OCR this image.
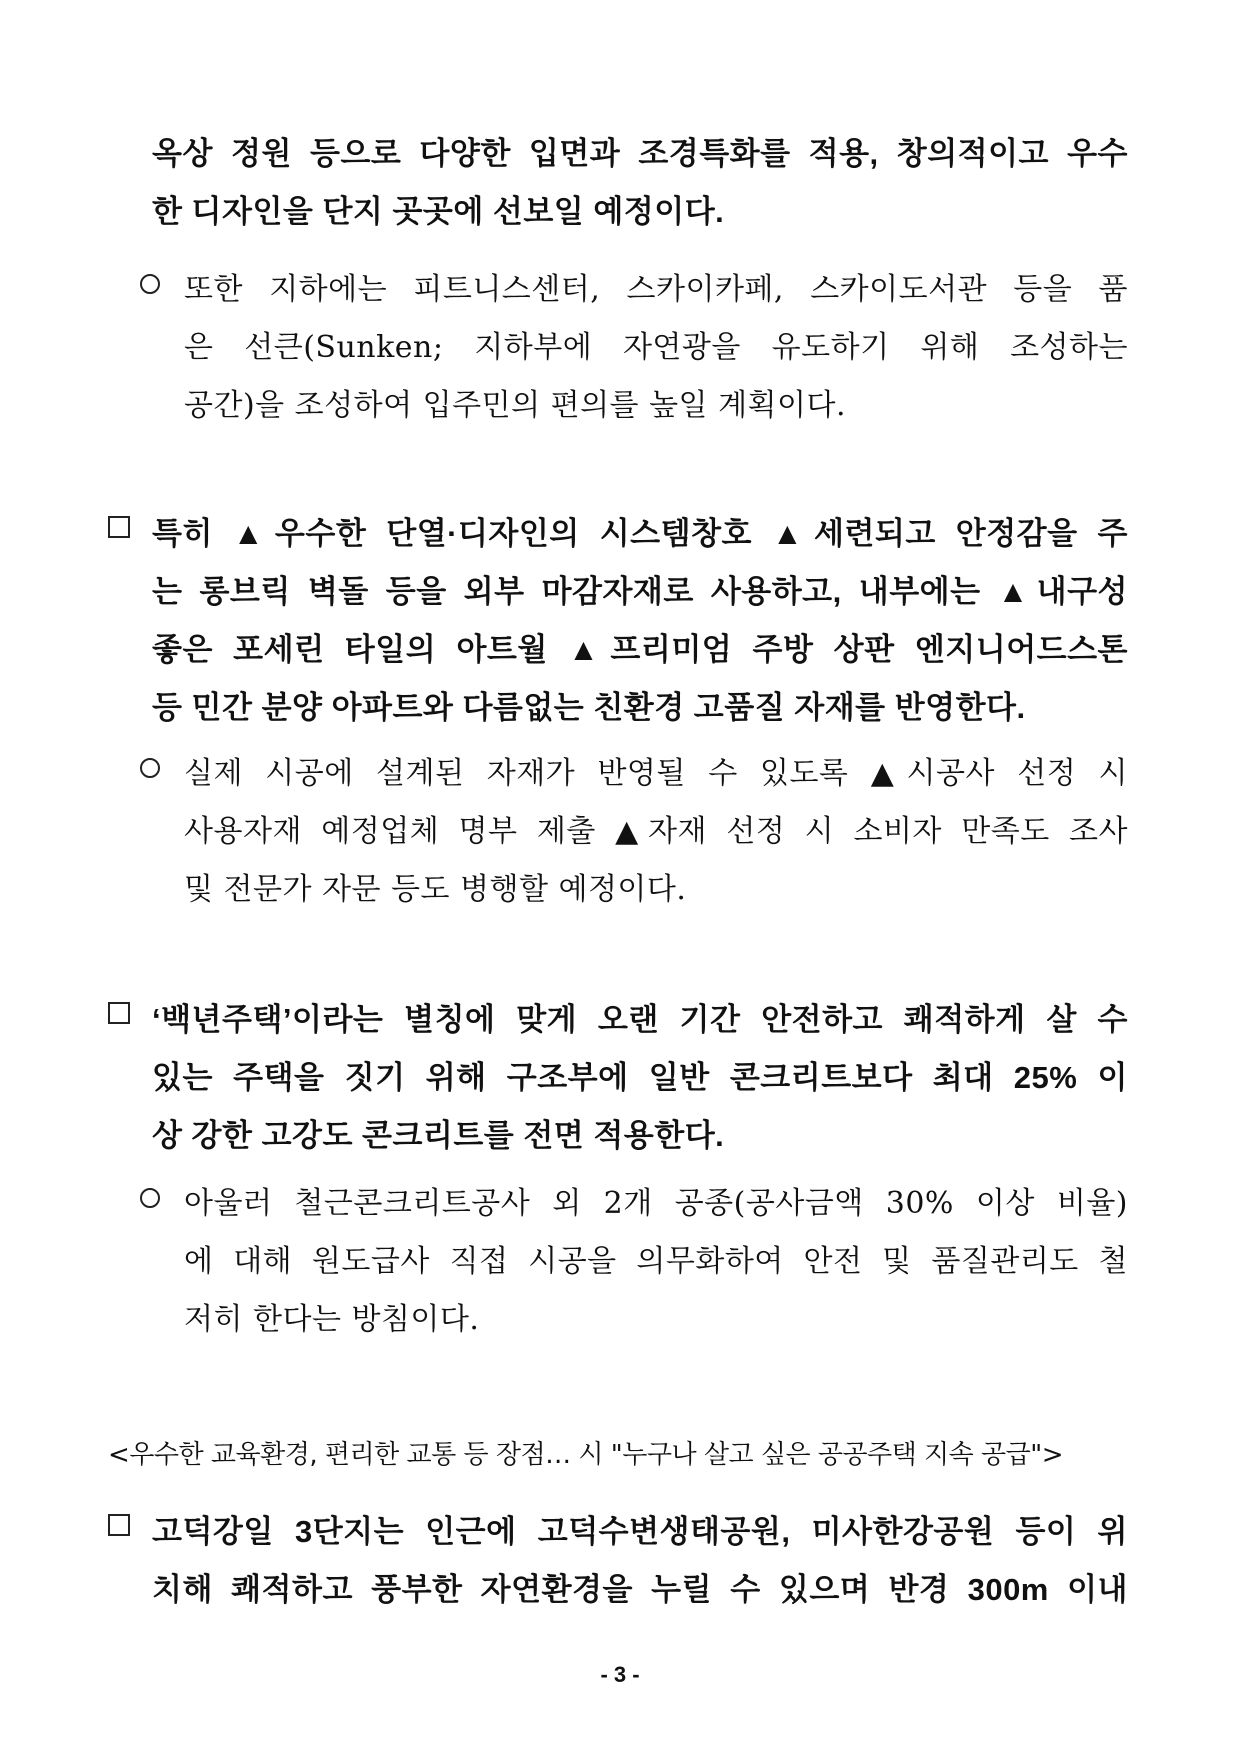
옥상 정원 등으로 다양한 입면과 조경특화를 적용, 창의적이고 우수
한 디자인을 단지 곳곳에 선보일 예정이다.
또한 지하에는 피트니스센터, 스카이카페, 스카이도서관 등을 품
은 선큰(Sunken; 지하부에 자연광을 유도하기 위해 조성하는
공간)을 조성하여 입주민의 편의를 높일 계획이다.
특히 ▲우수한 단열·디자인의 시스템창호 ▲세련되고 안정감을 주
는 롱브릭 벽돌 등을 외부 마감자재로 사용하고, 내부에는 ▲내구성
좋은 포세린 타일의 아트월 ▲프리미엄 주방 상판 엔지니어드스톤
등 민간 분양 아파트와 다름없는 친환경 고품질 자재를 반영한다.
실제 시공에 설계된 자재가 반영될 수 있도록 ▲시공사 선정 시
사용자재 예정업체 명부 제출 ▲자재 선정 시 소비자 만족도 조사
및 전문가 자문 등도 병행할 예정이다.
‘백년주택’이라는 별칭에 맞게 오랜 기간 안전하고 쾌적하게 살 수
있는 주택을 짓기 위해 구조부에 일반 콘크리트보다 최대 25% 이
상 강한 고강도 콘크리트를 전면 적용한다.
아울러 철근콘크리트공사 외 2개 공종(공사금액 30% 이상 비율)
에 대해 원도급사 직접 시공을 의무화하여 안전 및 품질관리도 철
저히 한다는 방침이다.
<우수한 교육환경, 편리한 교통 등 장점… 시 "누구나 살고 싶은 공공주택 지속 공급">
고덕강일 3단지는 인근에 고덕수변생태공원, 미사한강공원 등이 위
치해 쾌적하고 풍부한 자연환경을 누릴 수 있으며 반경 300m 이내
- 3 -
